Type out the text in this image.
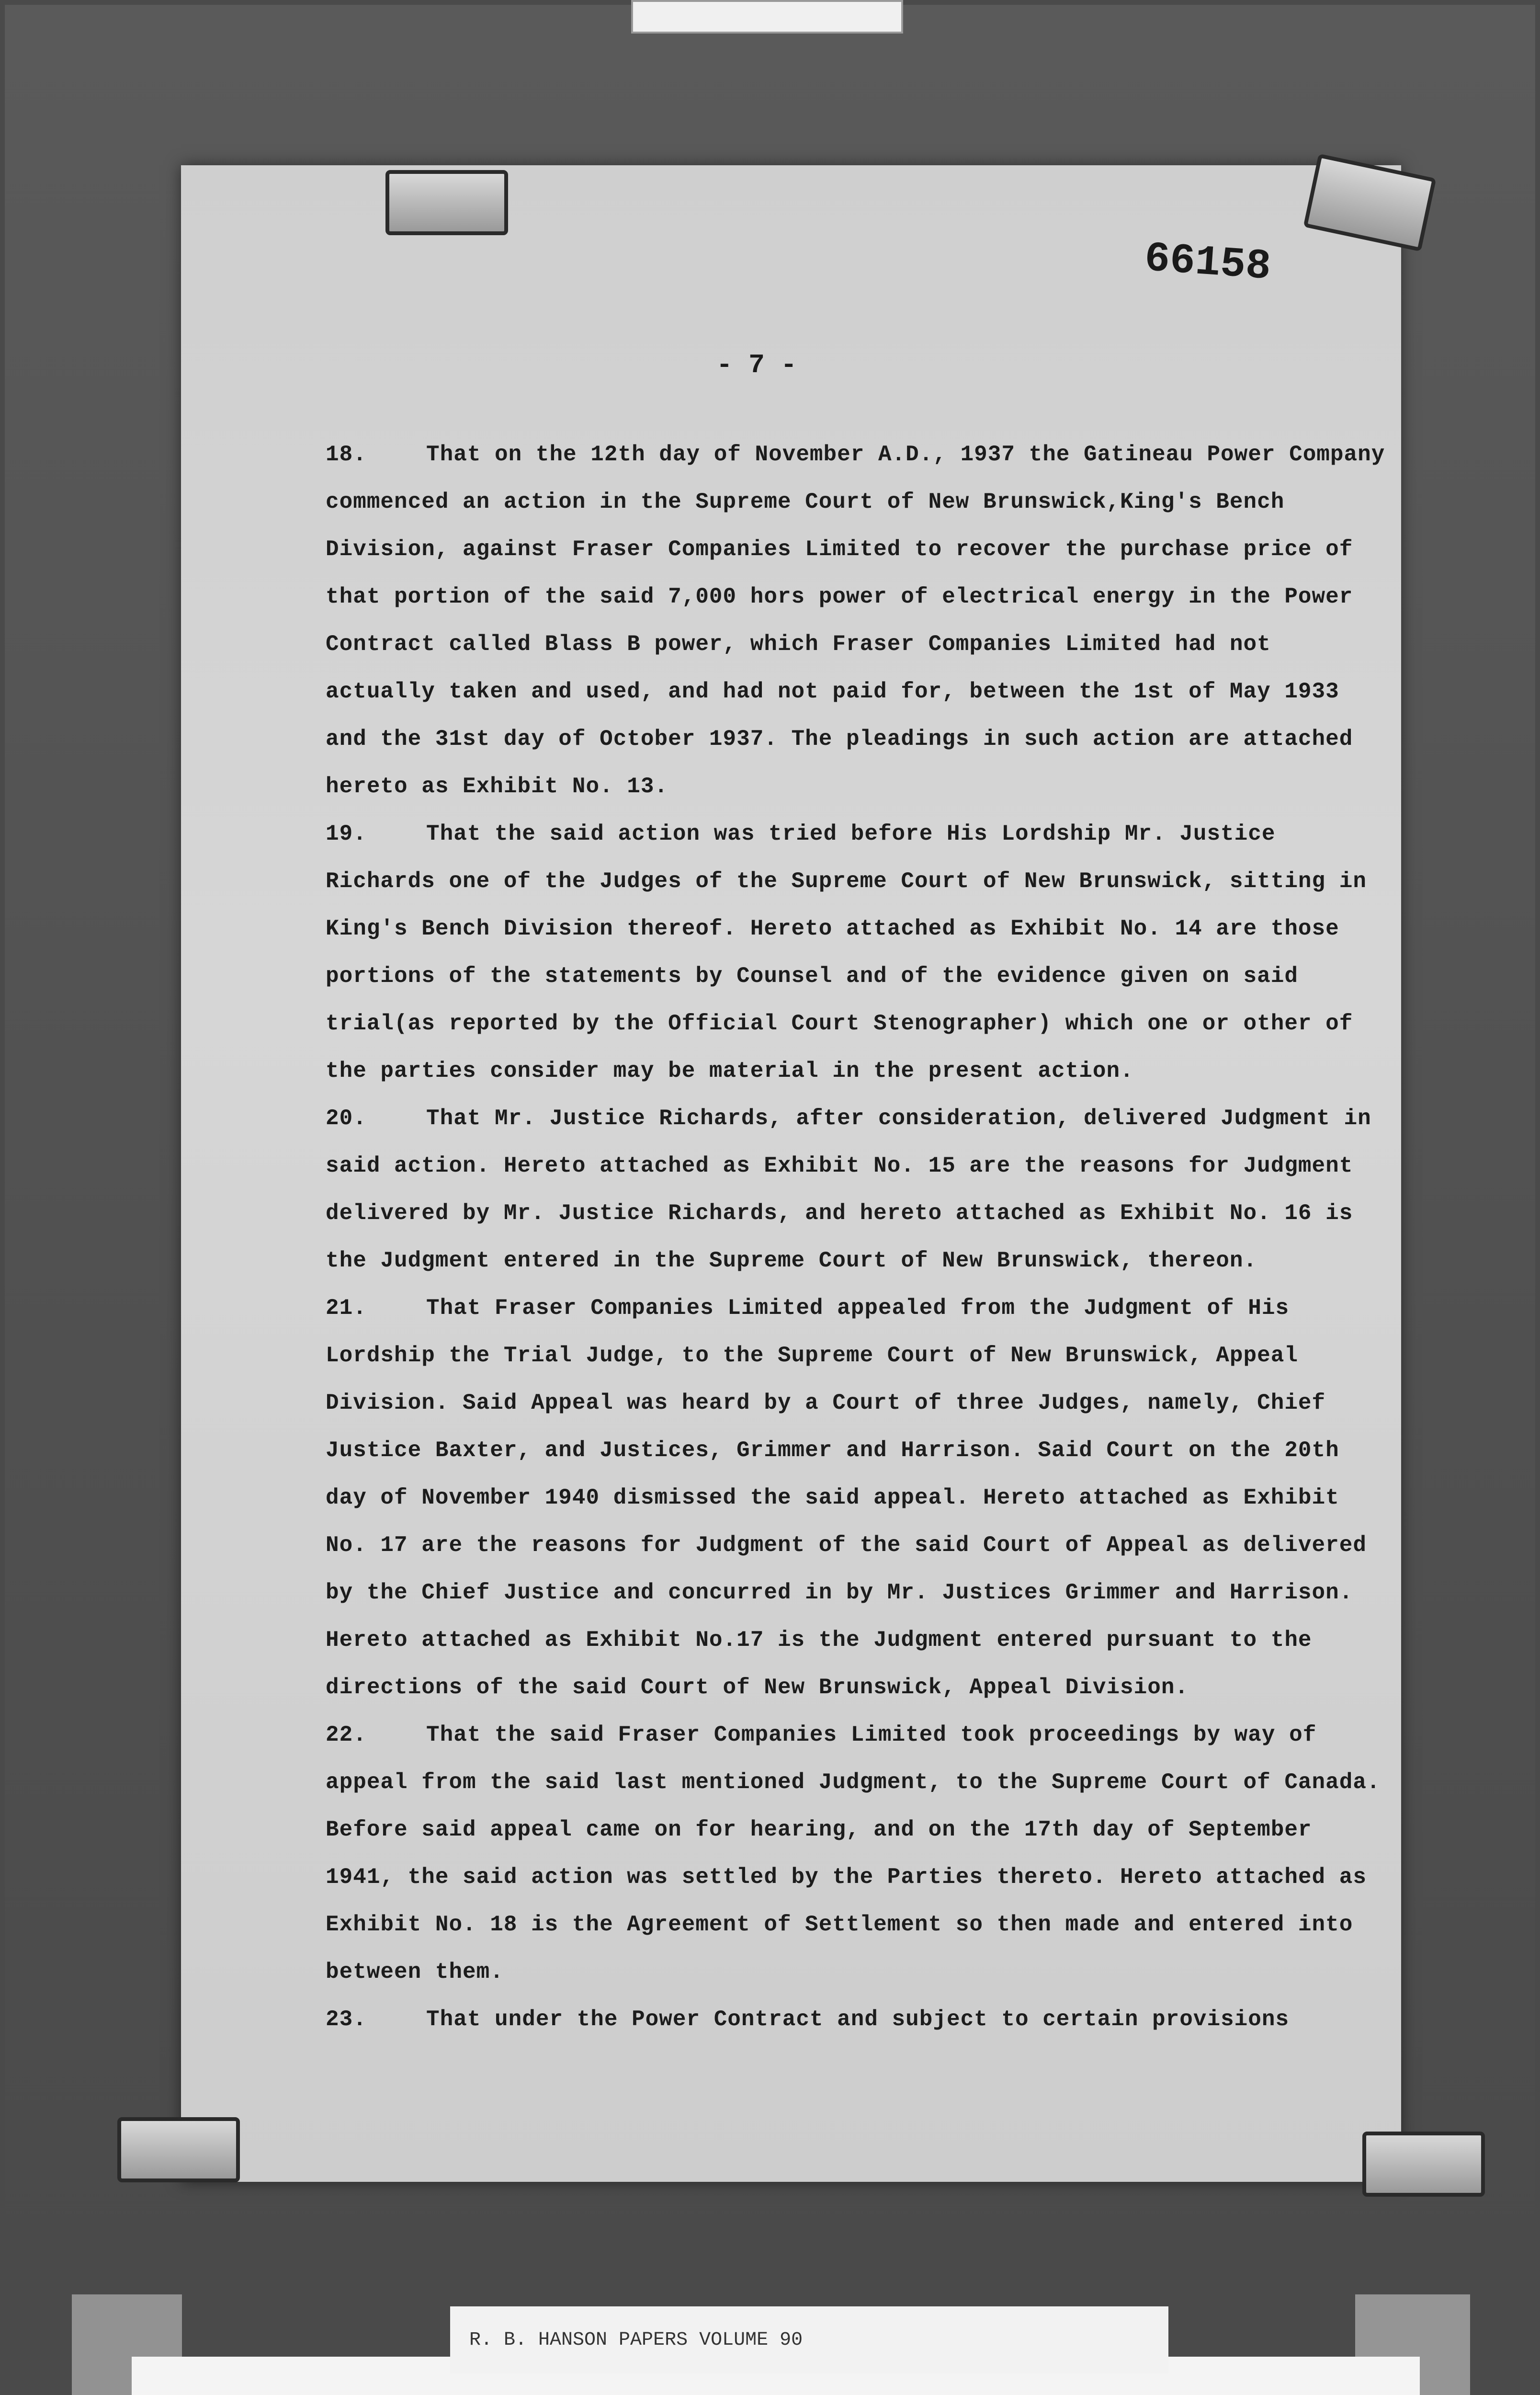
66158
- 7 -

18.	That on the 12th day of November A.D., 1937 the Gatineau Power Company commenced an action in the Supreme Court of New Brunswick,King's Bench Division, against Fraser Companies Limited to recover the purchase price of that portion of the said 7,000 hors power of electrical energy in the Power Contract called Blass B power, which Fraser Companies Limited had not actually taken and used, and had not paid for, between the 1st of May 1933 and the 31st day of October 1937. The pleadings in such action are attached hereto as Exhibit No. 13.

19.	That the said action was tried before His Lordship Mr. Justice Richards one of the Judges of the Supreme Court of New Brunswick, sitting in King's Bench Division thereof. Hereto attached as Exhibit No. 14 are those portions of the statements by Counsel and of the evidence given on said trial(as reported by the Official Court Stenographer) which one or other of the parties consider may be material in the present action.

20.	That Mr. Justice Richards, after consideration, delivered Judgment in said action. Hereto attached as Exhibit No. 15 are the reasons for Judgment delivered by Mr. Justice Richards, and hereto attached as Exhibit No. 16 is the Judgment entered in the Supreme Court of New Brunswick, thereon.

21.	That Fraser Companies Limited appealed from the Judgment of His Lordship the Trial Judge, to the Supreme Court of New Brunswick, Appeal Division. Said Appeal was heard by a Court of three Judges, namely, Chief Justice Baxter, and Justices, Grimmer and Harrison. Said Court on the 20th day of November 1940 dismissed the said appeal. Hereto attached as Exhibit No. 17 are the reasons for Judgment of the said Court of Appeal as delivered by the Chief Justice and concurred in by Mr. Justices Grimmer and Harrison. Hereto attached as Exhibit No.17 is the Judgment entered pursuant to the directions of the said Court of New Brunswick, Appeal Division.

22.	That the said Fraser Companies Limited took proceedings by way of appeal from the said last mentioned Judgment, to the Supreme Court of Canada. Before said appeal came on for hearing, and on the 17th day of September 1941, the said action was settled by the Parties thereto. Hereto attached as Exhibit No. 18 is the Agreement of Settlement so then made and entered into between them.

23.	That under the Power Contract and subject to certain provisions

R. B. HANSON PAPERS VOLUME 90
